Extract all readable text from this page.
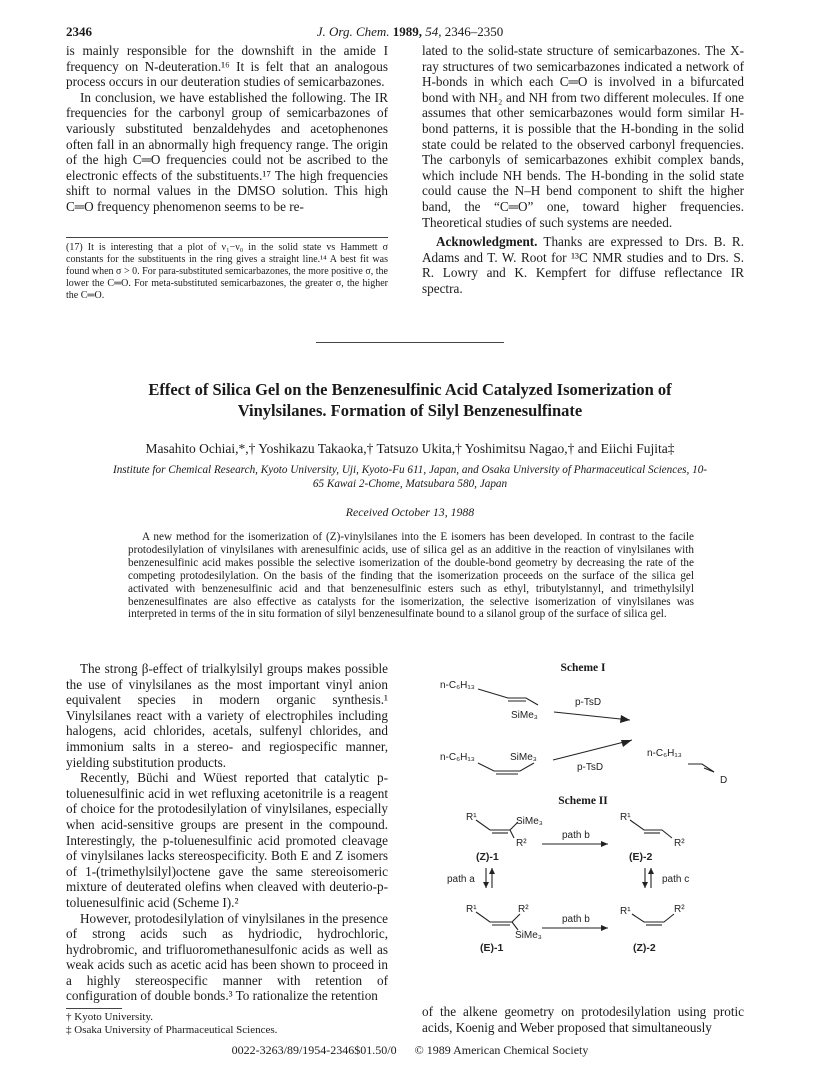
2346	J. Org. Chem. 1989, 54, 2346–2350

is mainly responsible for the downshift in the amide I frequency on N-deuteration.¹⁶ It is felt that an analogous process occurs in our deuteration studies of semicarbazones.

In conclusion, we have established the following. The IR frequencies for the carbonyl group of semicarbazones of variously substituted benzaldehydes and acetophenones often fall in an abnormally high frequency range. The origin of the high C═O frequencies could not be ascribed to the electronic effects of the substituents.¹⁷ The high frequencies shift to normal values in the DMSO solution. This high C═O frequency phenomenon seems to be re-

(17) It is interesting that a plot of ν₁−ν₀ in the solid state vs Hammett σ constants for the substituents in the ring gives a straight line.¹⁴ A best fit was found when σ > 0. For para-substituted semicarbazones, the more positive σ, the lower the C═O. For meta-substituted semicarbazones, the greater σ, the higher the C═O.

lated to the solid-state structure of semicarbazones. The X-ray structures of two semicarbazones indicated a network of H-bonds in which each C═O is involved in a bifurcated bond with NH₂ and NH from two different molecules. If one assumes that other semicarbazones would form similar H-bond patterns, it is possible that the H-bonding in the solid state could be related to the observed carbonyl frequencies. The carbonyls of semicarbazones exhibit complex bands, which include NH bends. The H-bonding in the solid state could cause the N–H bend component to shift the higher band, the “C═O” one, toward higher frequencies. Theoretical studies of such systems are needed.

Acknowledgment. Thanks are expressed to Drs. B. R. Adams and T. W. Root for ¹³C NMR studies and to Drs. S. R. Lowry and K. Kempfert for diffuse reflectance IR spectra.

Effect of Silica Gel on the Benzenesulfinic Acid Catalyzed Isomerization of
Vinylsilanes. Formation of Silyl Benzenesulfinate
Masahito Ochiai,*,† Yoshikazu Takaoka,† Tatsuzo Ukita,† Yoshimitsu Nagao,† and Eiichi Fujita‡
Institute for Chemical Research, Kyoto University, Uji, Kyoto-Fu 611, Japan, and Osaka University of Pharmaceutical Sciences, 10-65 Kawai 2-Chome, Matsubara 580, Japan
Received October 13, 1988
A new method for the isomerization of (Z)-vinylsilanes into the E isomers has been developed. In contrast to the facile protodesilylation of vinylsilanes with arenesulfinic acids, use of silica gel as an additive in the reaction of vinylsilanes with benzenesulfinic acid makes possible the selective isomerization of the double-bond geometry by decreasing the rate of the competing protodesilylation. On the basis of the finding that the isomerization proceeds on the surface of the silica gel activated with benzenesulfinic acid and that benzenesulfinic esters such as ethyl, tributylstannyl, and trimethylsilyl benzenesulfinates are also effective as catalysts for the isomerization, the selective isomerization of vinylsilanes was interpreted in terms of the in situ formation of silyl benzenesulfinate bound to a silanol group of the surface of silica gel.

The strong β-effect of trialkylsilyl groups makes possible the use of vinylsilanes as the most important vinyl anion equivalent species in modern organic synthesis.¹ Vinylsilanes react with a variety of electrophiles including halogens, acid chlorides, acetals, sulfenyl chlorides, and immonium salts in a stereo- and regiospecific manner, yielding substitution products.

Recently, Büchi and Wüest reported that catalytic p-toluenesulfinic acid in wet refluxing acetonitrile is a reagent of choice for the protodesilylation of vinylsilanes, especially when acid-sensitive groups are present in the compound. Interestingly, the p-toluenesulfinic acid promoted cleavage of vinylsilanes lacks stereospecificity. Both E and Z isomers of 1-(trimethylsilyl)octene gave the same stereoisomeric mixture of deuterated olefins when cleaved with deuterio-p-toluenesulfinic acid (Scheme I).²

However, protodesilylation of vinylsilanes in the presence of strong acids such as hydriodic, hydrochloric, hydrobromic, and trifluoromethanesulfonic acids as well as weak acids such as acetic acid has been shown to proceed in a highly stereospecific manner with retention of configuration of double bonds.³ To rationalize the retention

† Kyoto University.
‡ Osaka University of Pharmaceutical Sciences.
Scheme I
n-C₆H₁₃
SiMe₃
p-TsD
n-C₆H₁₃	SiMe₃
p-TsD
n-C₆H₁₃
D
Scheme II
R¹	SiMe₃
R²
(Z)-1
path b
R¹
R²
(E)-2
path a	path c
R¹	R²
SiMe₃
(E)-1
path b
R¹	R²
(Z)-2
of the alkene geometry on protodesilylation using protic acids, Koenig and Weber proposed that simultaneously
0022-3263/89/1954-2346$01.50/0 © 1989 American Chemical Society
